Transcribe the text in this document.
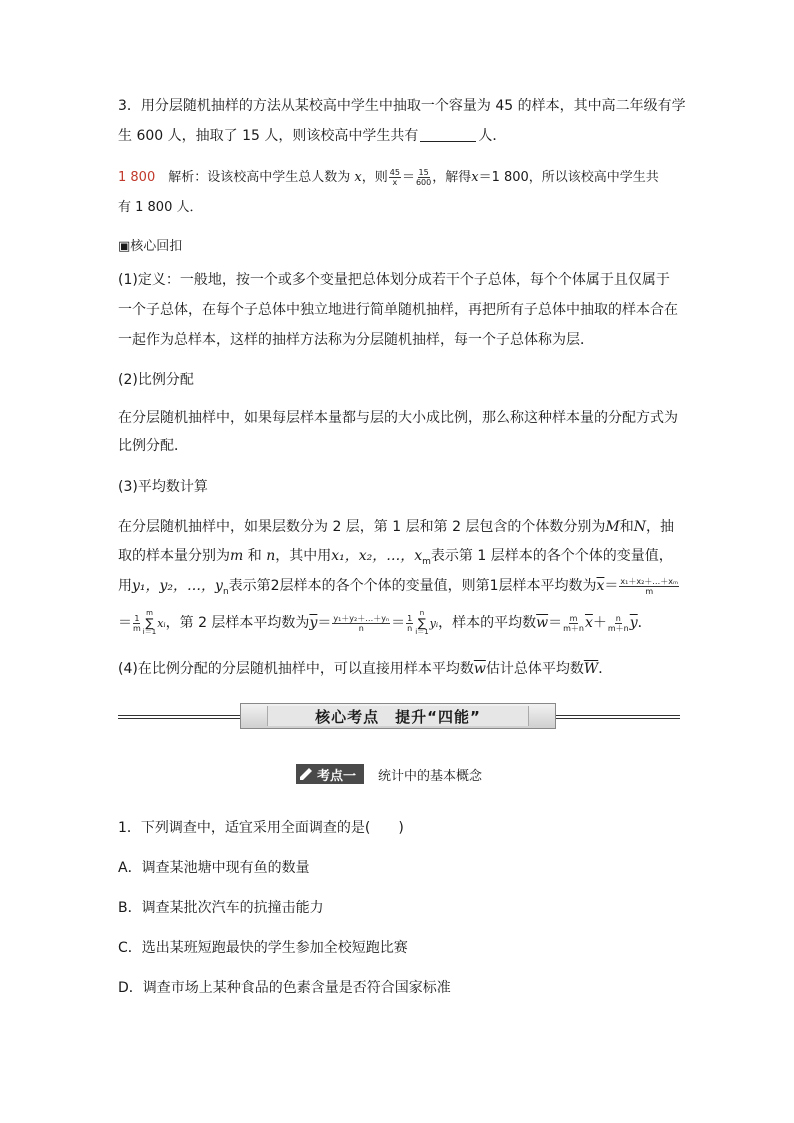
3．用分层随机抽样的方法从某校高中学生中抽取一个容量为 45 的样本，其中高二年级有学
生 600 人，抽取了 15 人，则该校高中学生共有	人．
1 800　 解析：设该校高中学生总人数为 x，则 $\frac{45}{x} = \frac{15}{600}$ ，解得x＝1 800，所以该校高中学生共
有 1 800 人．
▣核心回扣
(1)定义：一般地，按一个或多个变量把总体划分成若干个子总体，每个个体属于且仅属于
一个子总体，在每个子总体中独立地进行简单随机抽样，再把所有子总体中抽取的样本合在
一起作为总样本，这样的抽样方法称为分层随机抽样，每一个子总体称为层．
(2)比例分配
在分层随机抽样中，如果每层样本量都与层的大小成比例，那么称这种样本量的分配方式为
比例分配．
(3)平均数计算
在分层随机抽样中，如果层数分为 2 层，第 1 层和第 2 层包含的个体数分别为M和N，抽
取的样本量分别为m 和 n，其中用x₁，x₂，…，$x_m$表示第 1 层样本的各个个体的变量值，
用y₁，y₂，…，$y_n$表示第2层样本的各个个体的变量值，则第1层样本平均数为$\overline{x}= \frac{\text{x₁＋x₂＋…＋xₘ}}{m}$
＝ $\frac{1}{m}$
m
∑
i＝1
xᵢ，第 2 层样本平均数为$\overline{y}= \frac{\text{y₁＋y₂＋…＋yₙ}}{n} = \frac{1}{n}$
n
∑
i＝1
yᵢ，样本的平均数$\overline{w}= \frac{m}{m+n} \overline{x}+ \frac{n}{m+n} \overline{y}$．
(4)在比例分配的分层随机抽样中，可以直接用样本平均数$\overline{w}$估计总体平均数$\overline{W}$．
核心考点　提升“四能”
考点一 统计中的基本概念
1．下列调查中，适宜采用全面调查的是(　　)
A．调查某池塘中现有鱼的数量
B．调查某批次汽车的抗撞击能力
C．选出某班短跑最快的学生参加全校短跑比赛
D．调查市场上某种食品的色素含量是否符合国家标准
